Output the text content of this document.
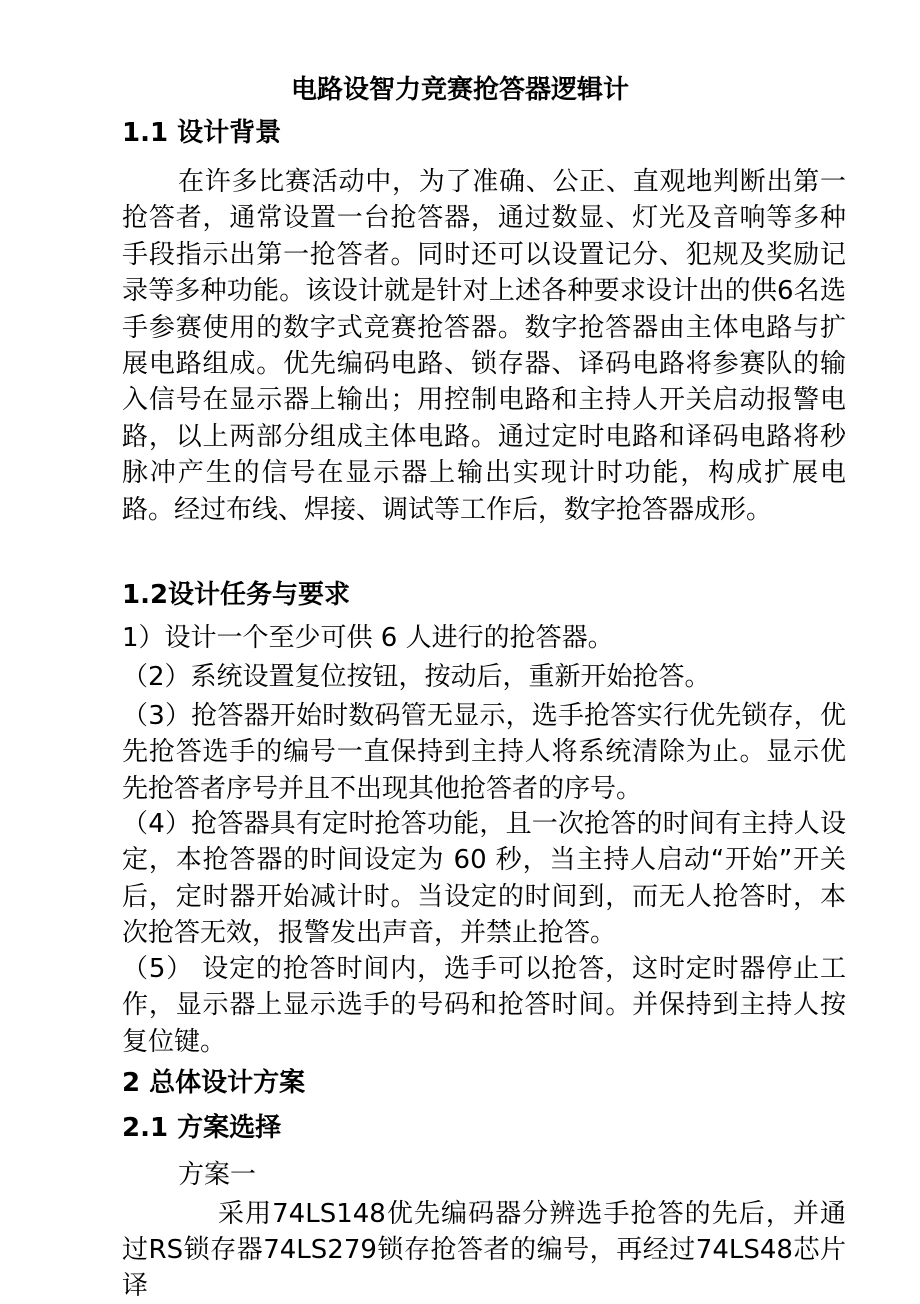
电路设智力竞赛抢答器逻辑计
1.1 设计背景
在许多比赛活动中，为了准确、公正、直观地判断出第一抢答者，通常设置一台抢答器，通过数显、灯光及音响等多种手段指示出第一抢答者。同时还可以设置记分、犯规及奖励记录等多种功能。该设计就是针对上述各种要求设计出的供6名选手参赛使用的数字式竞赛抢答器。数字抢答器由主体电路与扩展电路组成。优先编码电路、锁存器、译码电路将参赛队的输入信号在显示器上输出；用控制电路和主持人开关启动报警电路，以上两部分组成主体电路。通过定时电路和译码电路将秒脉冲产生的信号在显示器上输出实现计时功能，构成扩展电路。经过布线、焊接、调试等工作后，数字抢答器成形。
1.2设计任务与要求
1）设计一个至少可供 6 人进行的抢答器。
（2）系统设置复位按钮，按动后，重新开始抢答。
（3）抢答器开始时数码管无显示，选手抢答实行优先锁存，优先抢答选手的编号一直保持到主持人将系统清除为止。显示优先抢答者序号并且不出现其他抢答者的序号。
（4）抢答器具有定时抢答功能，且一次抢答的时间有主持人设定，本抢答器的时间设定为 60 秒，当主持人启动“开始”开关后，定时器开始减计时。当设定的时间到，而无人抢答时，本次抢答无效，报警发出声音，并禁止抢答。
（5） 设定的抢答时间内，选手可以抢答，这时定时器停止工作，显示器上显示选手的号码和抢答时间。并保持到主持人按复位键。
2 总体设计方案
2.1 方案选择
方案一
采用74LS148优先编码器分辨选手抢答的先后，并通过RS锁存器74LS279锁存抢答者的编号，再经过74LS48芯片译
